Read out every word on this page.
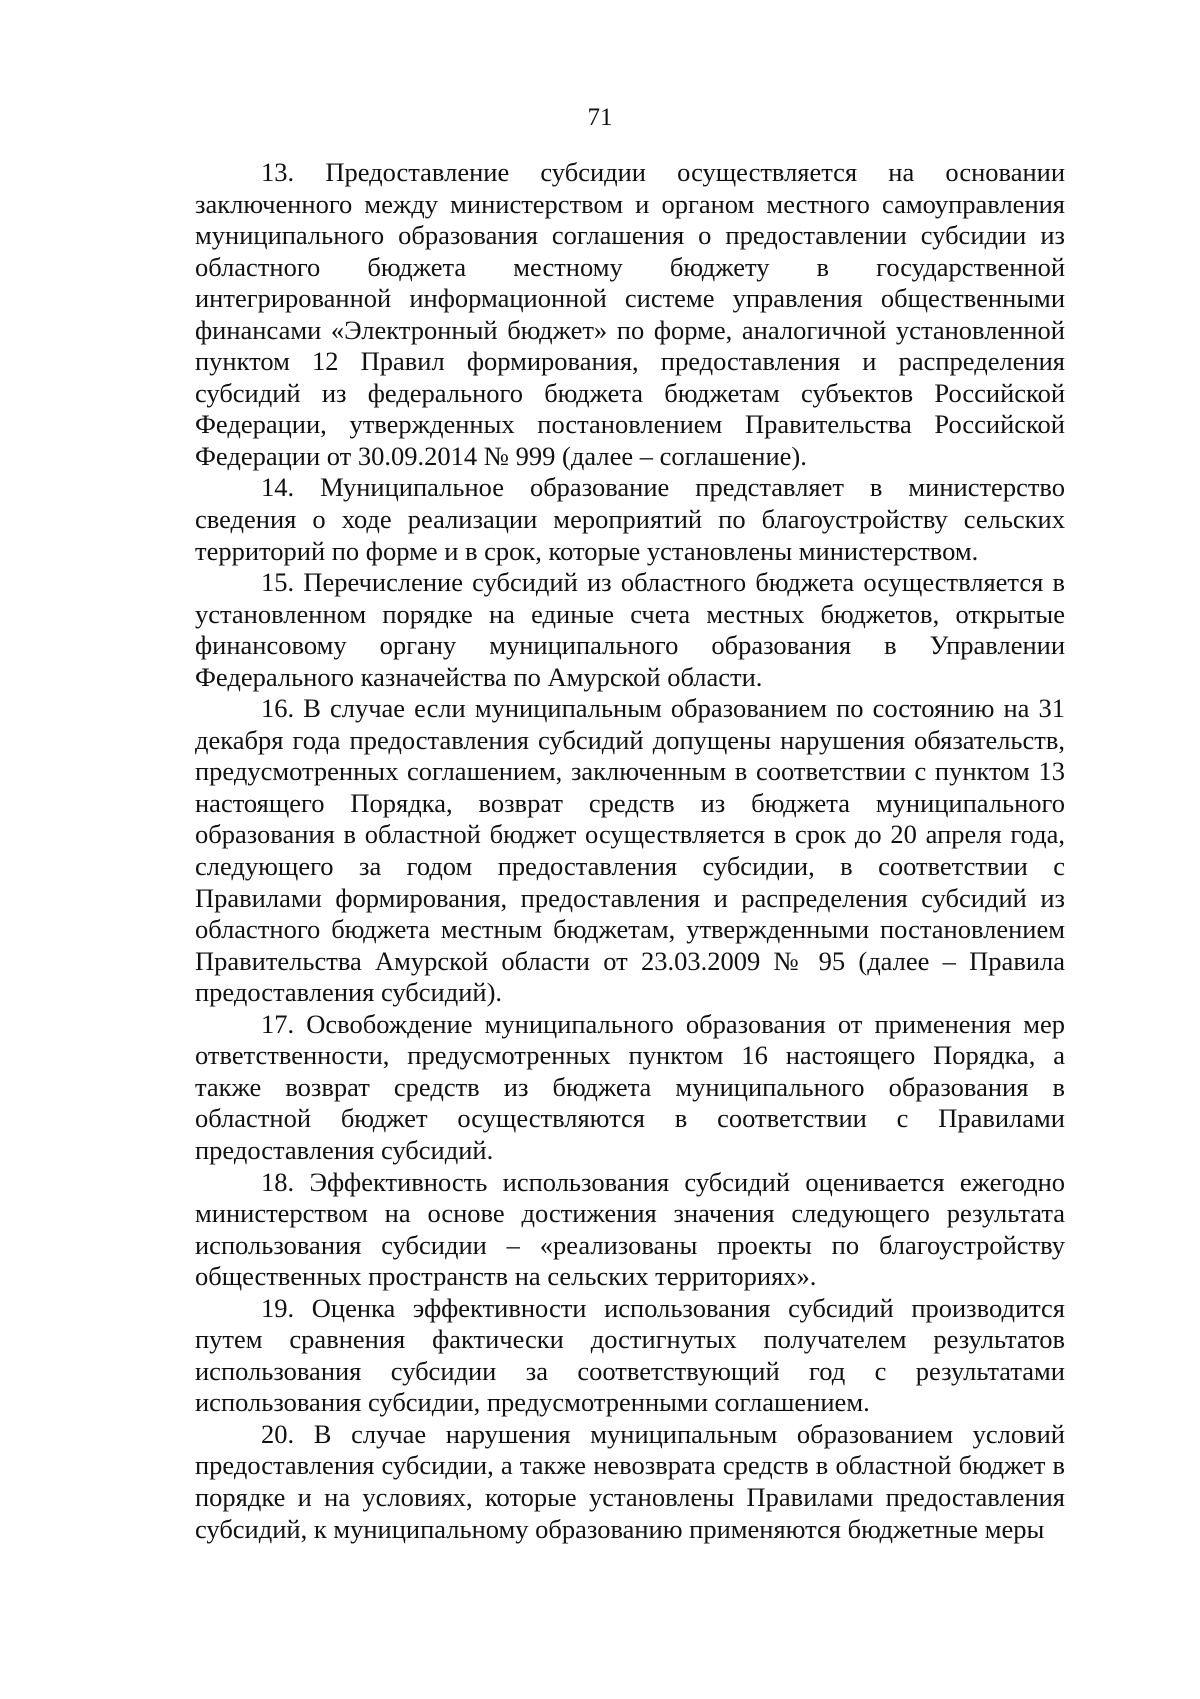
71

13. Предоставление субсидии осуществляется на основании заключенного между министерством и органом местного самоуправления муниципального образования соглашения о предоставлении субсидии из областного бюджета местному бюджету в государственной интегрированной информационной системе управления общественными финансами «Электронный бюджет» по форме, аналогичной установленной пунктом 12 Правил формирования, предоставления и распределения субсидий из федерального бюджета бюджетам субъектов Российской Федерации, утвержденных постановлением Правительства Российской Федерации от 30.09.2014 № 999 (далее – соглашение).

14. Муниципальное образование представляет в министерство сведения о ходе реализации мероприятий по благоустройству сельских территорий по форме и в срок, которые установлены министерством.

15. Перечисление субсидий из областного бюджета осуществляется в установленном порядке на единые счета местных бюджетов, открытые финансовому органу муниципального образования в Управлении Федерального казначейства по Амурской области.

16. В случае если муниципальным образованием по состоянию на 31 декабря года предоставления субсидий допущены нарушения обязательств, предусмотренных соглашением, заключенным в соответствии с пунктом 13 настоящего Порядка, возврат средств из бюджета муниципального образования в областной бюджет осуществляется в срок до 20 апреля года, следующего за годом предоставления субсидии, в соответствии с Правилами формирования, предоставления и распределения субсидий из областного бюджета местным бюджетам, утвержденными постановлением Правительства Амурской области от 23.03.2009 № 95 (далее – Правила предоставления субсидий).

17. Освобождение муниципального образования от применения мер ответственности, предусмотренных пунктом 16 настоящего Порядка, а также возврат средств из бюджета муниципального образования в областной бюджет осуществляются в соответствии с Правилами предоставления субсидий.

18. Эффективность использования субсидий оценивается ежегодно министерством на основе достижения значения следующего результата использования субсидии – «реализованы проекты по благоустройству общественных пространств на сельских территориях».

19. Оценка эффективности использования субсидий производится путем сравнения фактически достигнутых получателем результатов использования субсидии за соответствующий год с результатами использования субсидии, предусмотренными соглашением.

20. В случае нарушения муниципальным образованием условий предоставления субсидии, а также невозврата средств в областной бюджет в порядке и на условиях, которые установлены Правилами предоставления субсидий, к муниципальному образованию применяются бюджетные меры
